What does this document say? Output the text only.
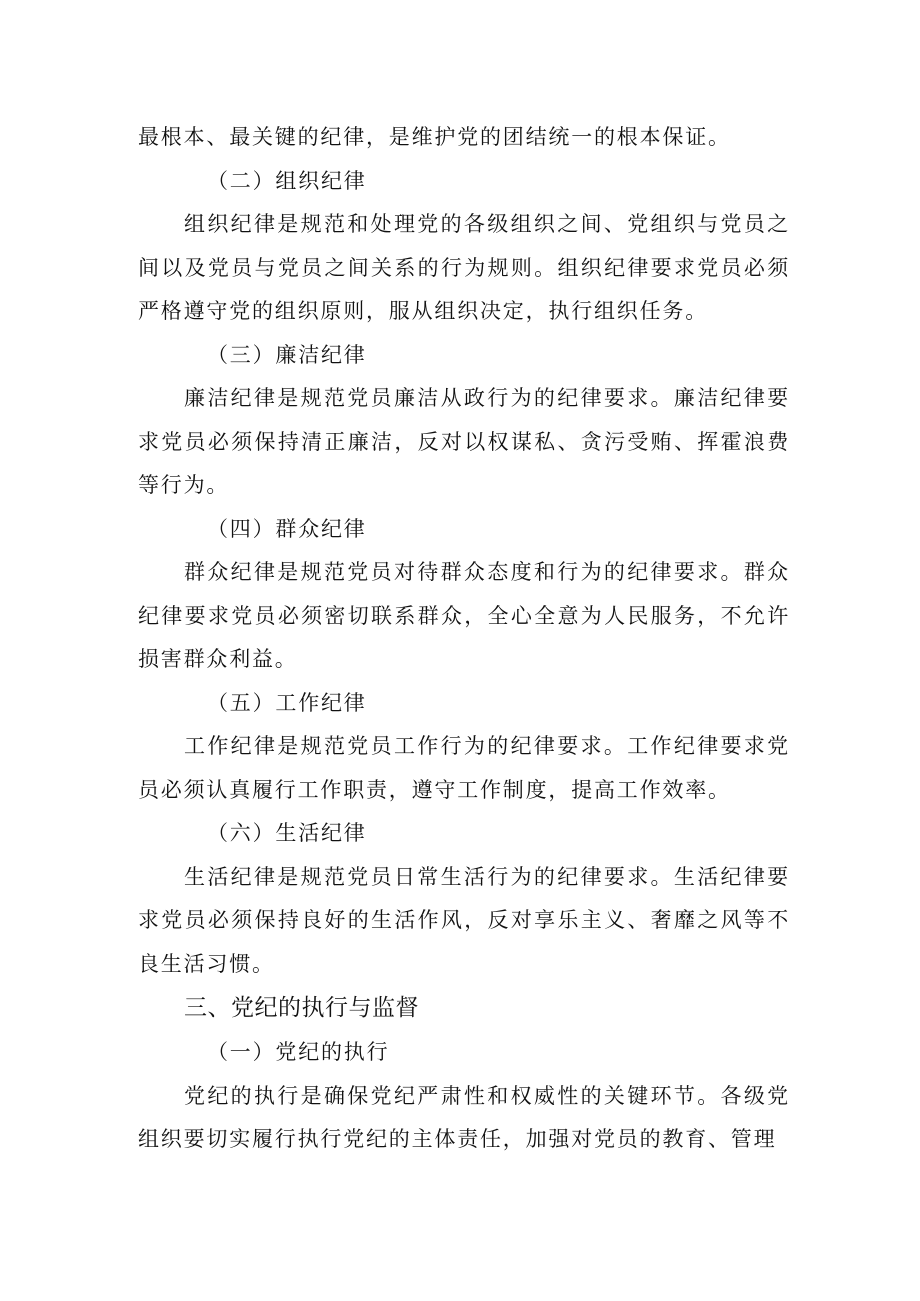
最根本、最关键的纪律，是维护党的团结统一的根本保证。

（二）组织纪律

组织纪律是规范和处理党的各级组织之间、党组织与党员之间以及党员与党员之间关系的行为规则。组织纪律要求党员必须严格遵守党的组织原则，服从组织决定，执行组织任务。

（三）廉洁纪律

廉洁纪律是规范党员廉洁从政行为的纪律要求。廉洁纪律要求党员必须保持清正廉洁，反对以权谋私、贪污受贿、挥霍浪费等行为。

（四）群众纪律

群众纪律是规范党员对待群众态度和行为的纪律要求。群众纪律要求党员必须密切联系群众，全心全意为人民服务，不允许损害群众利益。

（五）工作纪律

工作纪律是规范党员工作行为的纪律要求。工作纪律要求党员必须认真履行工作职责，遵守工作制度，提高工作效率。

（六）生活纪律

生活纪律是规范党员日常生活行为的纪律要求。生活纪律要求党员必须保持良好的生活作风，反对享乐主义、奢靡之风等不良生活习惯。

三、党纪的执行与监督

（一）党纪的执行

党纪的执行是确保党纪严肃性和权威性的关键环节。各级党组织要切实履行执行党纪的主体责任，加强对党员的教育、管理
